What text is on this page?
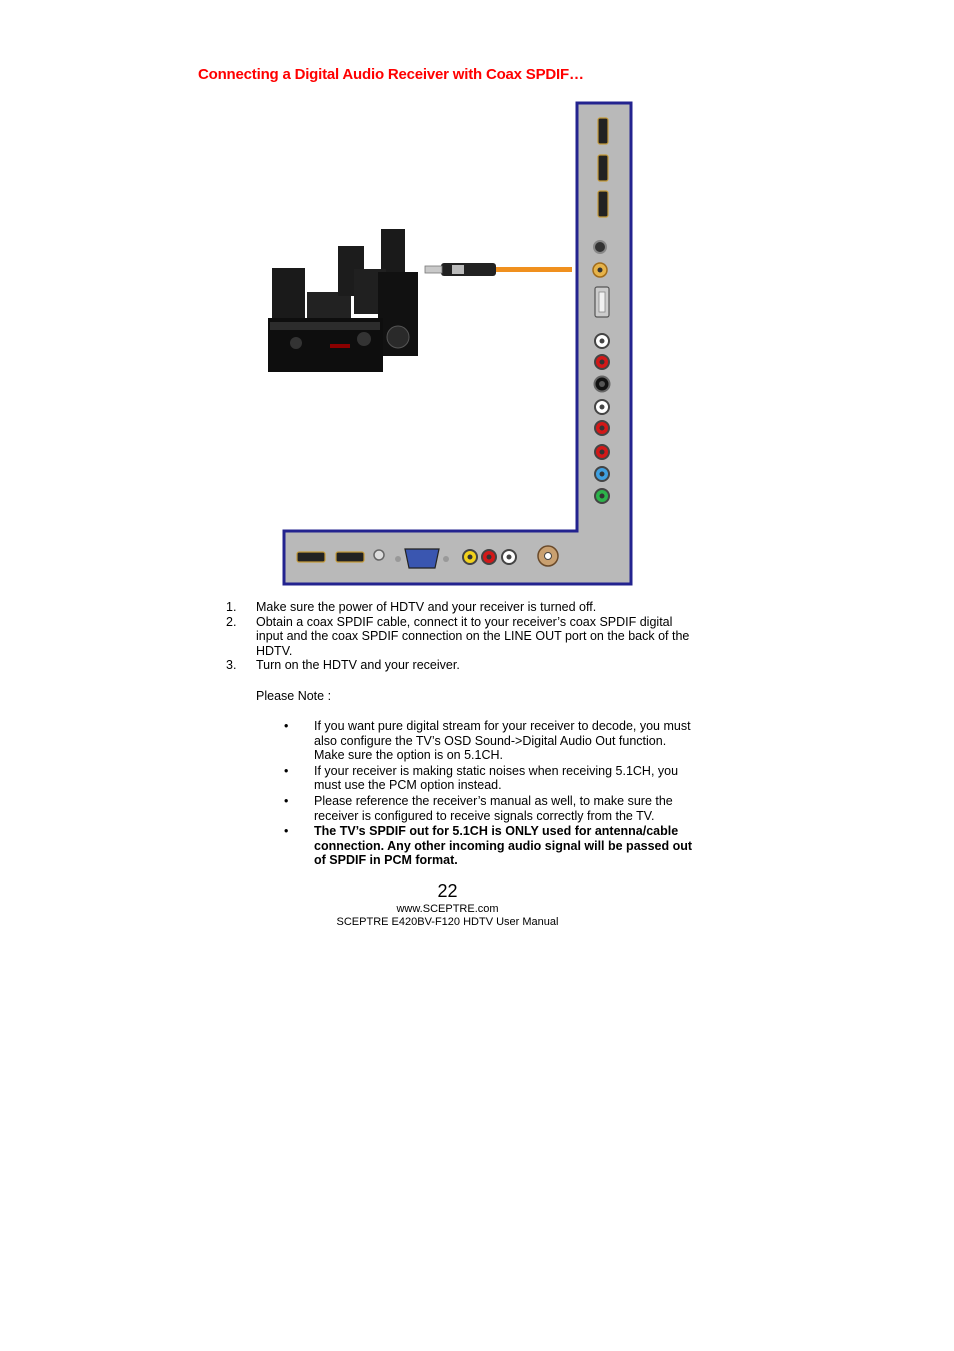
Connecting a Digital Audio Receiver with Coax SPDIF…
1. Make sure the power of HDTV and your receiver is turned off.
2. Obtain a coax SPDIF cable, connect it to your receiver’s coax SPDIF digital input and the coax SPDIF connection on the LINE OUT port on the back of the HDTV.
3. Turn on the HDTV and your receiver.
Please Note :
• If you want pure digital stream for your receiver to decode, you must also configure the TV’s OSD Sound->Digital Audio Out function. Make sure the option is on 5.1CH.
• If your receiver is making static noises when receiving 5.1CH, you must use the PCM option instead.
• Please reference the receiver’s manual as well, to make sure the receiver is configured to receive signals correctly from the TV.
• The TV’s SPDIF out for 5.1CH is ONLY used for antenna/cable connection. Any other incoming audio signal will be passed out of SPDIF in PCM format.
22
www.SCEPTRE.com
SCEPTRE E420BV-F120 HDTV User Manual
